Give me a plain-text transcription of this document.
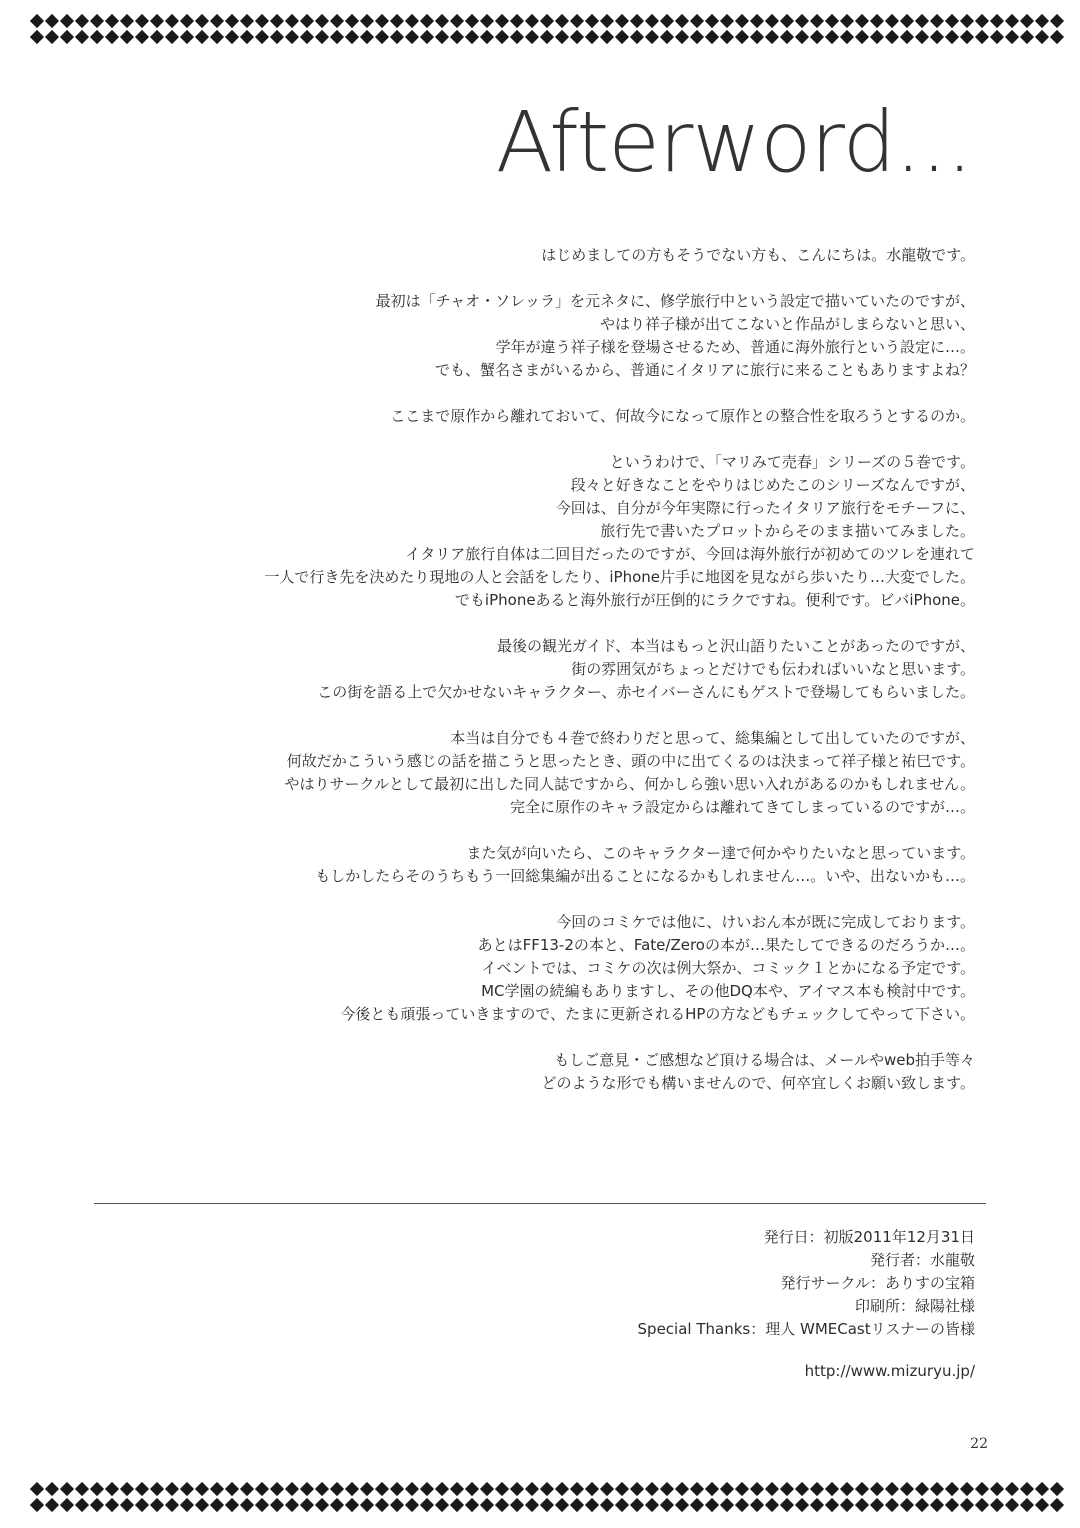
Afterword...
はじめましての方もそうでない方も、こんにちは。水龍敬です。
最初は「チャオ・ソレッラ」を元ネタに、修学旅行中という設定で描いていたのですが、
やはり祥子様が出てこないと作品がしまらないと思い、
学年が違う祥子様を登場させるため、普通に海外旅行という設定に…。
でも、蟹名さまがいるから、普通にイタリアに旅行に来ることもありますよね？
ここまで原作から離れておいて、何故今になって原作との整合性を取ろうとするのか。
というわけで、「マリみて売春」シリーズの５巻です。
段々と好きなことをやりはじめたこのシリーズなんですが、
今回は、自分が今年実際に行ったイタリア旅行をモチーフに、
旅行先で書いたプロットからそのまま描いてみました。
イタリア旅行自体は二回目だったのですが、今回は海外旅行が初めてのツレを連れて
一人で行き先を決めたり現地の人と会話をしたり、iPhone片手に地図を見ながら歩いたり…大変でした。
でもiPhoneあると海外旅行が圧倒的にラクですね。便利です。ビバiPhone。
最後の観光ガイド、本当はもっと沢山語りたいことがあったのですが、
街の雰囲気がちょっとだけでも伝わればいいなと思います。
この街を語る上で欠かせないキャラクター、赤セイバーさんにもゲストで登場してもらいました。
本当は自分でも４巻で終わりだと思って、総集編として出していたのですが、
何故だかこういう感じの話を描こうと思ったとき、頭の中に出てくるのは決まって祥子様と祐巳です。
やはりサークルとして最初に出した同人誌ですから、何かしら強い思い入れがあるのかもしれません。
完全に原作のキャラ設定からは離れてきてしまっているのですが…。
また気が向いたら、このキャラクター達で何かやりたいなと思っています。
もしかしたらそのうちもう一回総集編が出ることになるかもしれません…。いや、出ないかも…。
今回のコミケでは他に、けいおん本が既に完成しております。
あとはFF13-2の本と、Fate/Zeroの本が…果たしてできるのだろうか…。
イベントでは、コミケの次は例大祭か、コミック１とかになる予定です。
MC学園の続編もありますし、その他DQ本や、アイマス本も検討中です。
今後とも頑張っていきますので、たまに更新されるHPの方などもチェックしてやって下さい。
もしご意見・ご感想など頂ける場合は、メールやweb拍手等々
どのような形でも構いませんので、何卒宜しくお願い致します。
発行日：初版2011年12月31日
発行者：水龍敬
発行サークル：ありすの宝箱
印刷所：緑陽社様
Special Thanks：理人 WMECastリスナーの皆様
http://www.mizuryu.jp/
22
